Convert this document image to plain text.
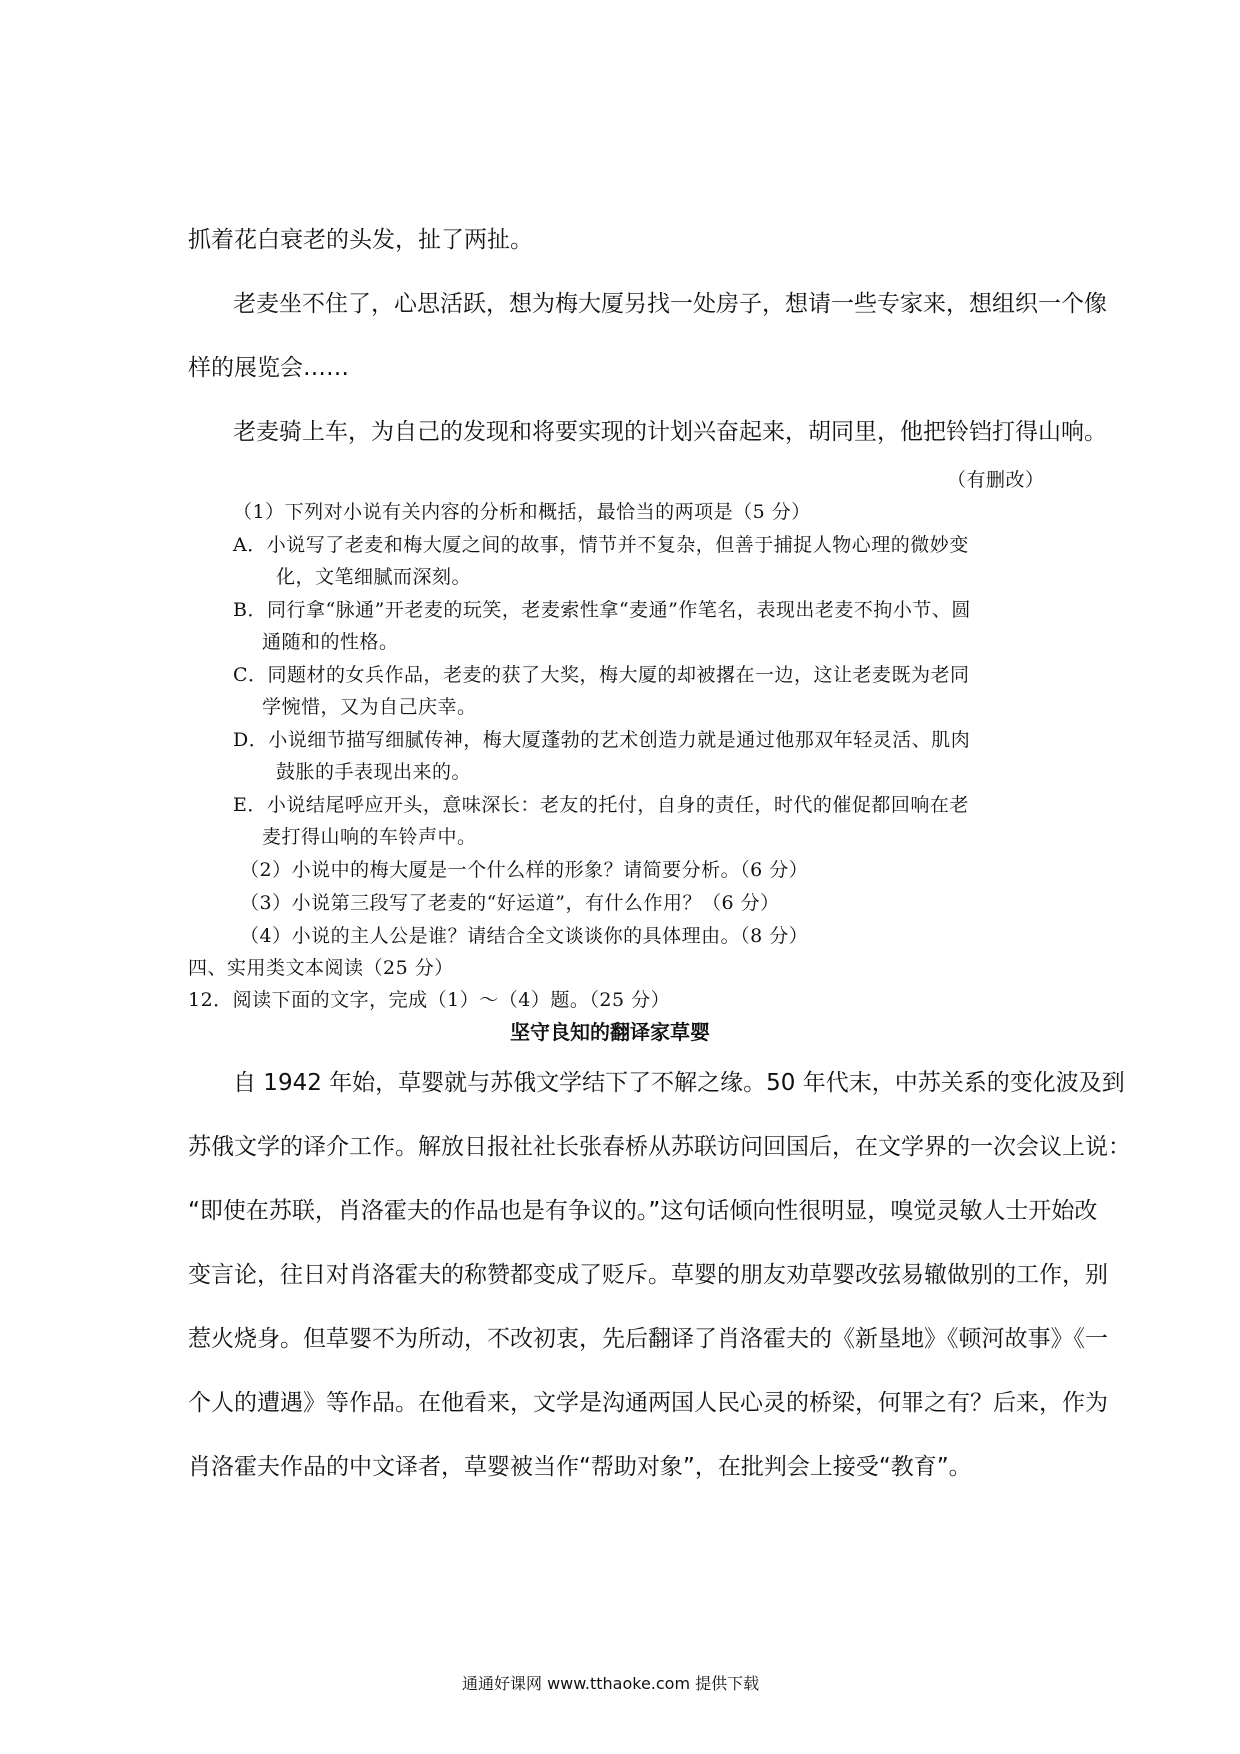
抓着花白衰老的头发，扯了两扯。
老麦坐不住了，心思活跃，想为梅大厦另找一处房子，想请一些专家来，想组织一个像
样的展览会……
老麦骑上车，为自己的发现和将要实现的计划兴奋起来，胡同里，他把铃铛打得山响。
（有删改）
（1）下列对小说有关内容的分析和概括，最恰当的两项是（5 分）
A．小说写了老麦和梅大厦之间的故事，情节并不复杂，但善于捕捉人物心理的微妙变
化，文笔细腻而深刻。
B．同行拿“脉通”开老麦的玩笑，老麦索性拿“麦通”作笔名，表现出老麦不拘小节、圆
通随和的性格。
C．同题材的女兵作品，老麦的获了大奖，梅大厦的却被撂在一边，这让老麦既为老同
学惋惜，又为自己庆幸。
D．小说细节描写细腻传神，梅大厦蓬勃的艺术创造力就是通过他那双年轻灵活、肌肉
鼓胀的手表现出来的。
E．小说结尾呼应开头，意味深长：老友的托付，自身的责任，时代的催促都回响在老
麦打得山响的车铃声中。
（2）小说中的梅大厦是一个什么样的形象？请简要分析。（6 分）
（3）小说第三段写了老麦的“好运道”，有什么作用？（6 分）
（4）小说的主人公是谁？请结合全文谈谈你的具体理由。（8 分）
四、实用类文本阅读（25 分）
12．阅读下面的文字，完成（1）～（4）题。（25 分）
坚守良知的翻译家草婴
自 1942 年始，草婴就与苏俄文学结下了不解之缘。50 年代末，中苏关系的变化波及到
苏俄文学的译介工作。解放日报社社长张春桥从苏联访问回国后，在文学界的一次会议上说：
“即使在苏联，肖洛霍夫的作品也是有争议的。”这句话倾向性很明显，嗅觉灵敏人士开始改
变言论，往日对肖洛霍夫的称赞都变成了贬斥。草婴的朋友劝草婴改弦易辙做别的工作，别
惹火烧身。但草婴不为所动，不改初衷，先后翻译了肖洛霍夫的《新垦地》《顿河故事》《一
个人的遭遇》等作品。在他看来，文学是沟通两国人民心灵的桥梁，何罪之有？后来，作为
肖洛霍夫作品的中文译者，草婴被当作“帮助对象”，在批判会上接受“教育”。
通通好课网 www.tthaoke.com 提供下载
